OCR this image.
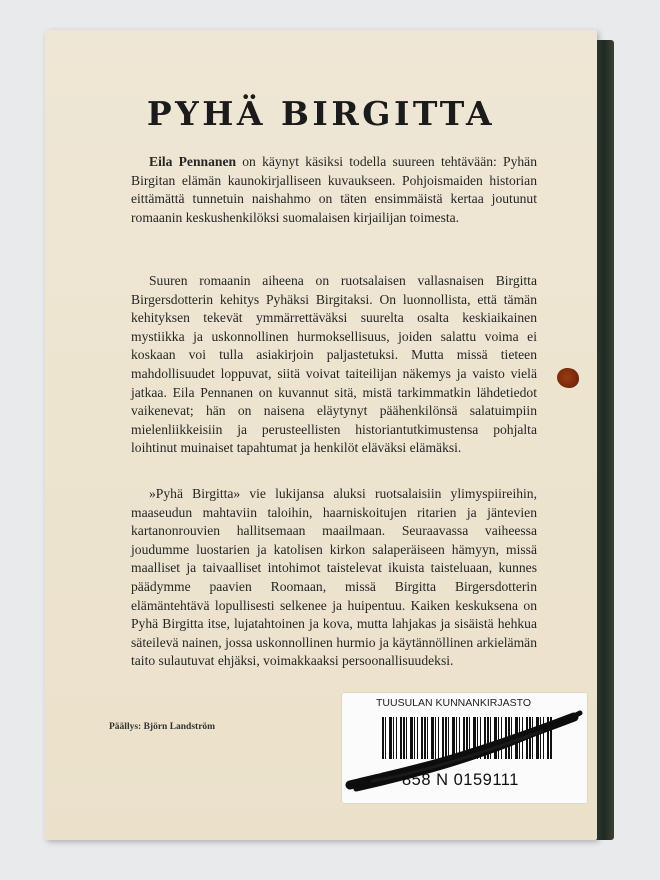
PYHÄ BIRGITTA

Eila Pennanen on käynyt käsiksi todella suureen tehtävään: Pyhän Birgitan elämän kaunokirjalliseen kuvaukseen. Pohjoismaiden historian eittämättä tunnetuin naishahmo on täten ensimmäistä kertaa joutunut romaanin keskushenkilöksi suomalaisen kirjailijan toimesta.

Suuren romaanin aiheena on ruotsalaisen vallasnaisen Birgitta Birgersdotterin kehitys Pyhäksi Birgitaksi. On luonnollista, että tämän kehityksen tekevät ymmärrettäväksi suurelta osalta keskiaikainen mystiikka ja uskonnollinen hurmoksellisuus, joiden salattu voima ei koskaan voi tulla asiakirjoin paljastetuksi. Mutta missä tieteen mahdollisuudet loppuvat, siitä voivat taiteilijan näkemys ja vaisto vielä jatkaa. Eila Pennanen on kuvannut sitä, mistä tarkimmatkin lähdetiedot vaikenevat; hän on naisena eläytynyt päähenkilönsä salatuimpiin mielenliikkeisiin ja perusteellisten historiantutkimustensa pohjalta loihtinut muinaiset tapahtumat ja henkilöt eläväksi elämäksi.

»Pyhä Birgitta» vie lukijansa aluksi ruotsalaisiin ylimyspiireihin, maaseudun mahtaviin taloihin, haarniskoitujen ritarien ja jäntevien kartanonrouvien hallitsemaan maailmaan. Seuraavassa vaiheessa joudumme luostarien ja katolisen kirkon salaperäiseen hämyyn, missä maalliset ja taivaalliset intohimot taistelevat ikuista taisteluaan, kunnes päädymme paavien Roomaan, missä Birgitta Birgersdotterin elämäntehtävä lopullisesti selkenee ja huipentuu. Kaiken keskuksena on Pyhä Birgitta itse, lujatahtoinen ja kova, mutta lahjakas ja sisäistä hehkua säteilevä nainen, jossa uskonnollinen hurmio ja käytännöllinen arkielämän taito sulautuvat ehjäksi, voimakkaaksi persoonallisuudeksi.

Päällys: Björn Landström
TUUSULAN KUNNANKIRJASTO
858 N 0159111
